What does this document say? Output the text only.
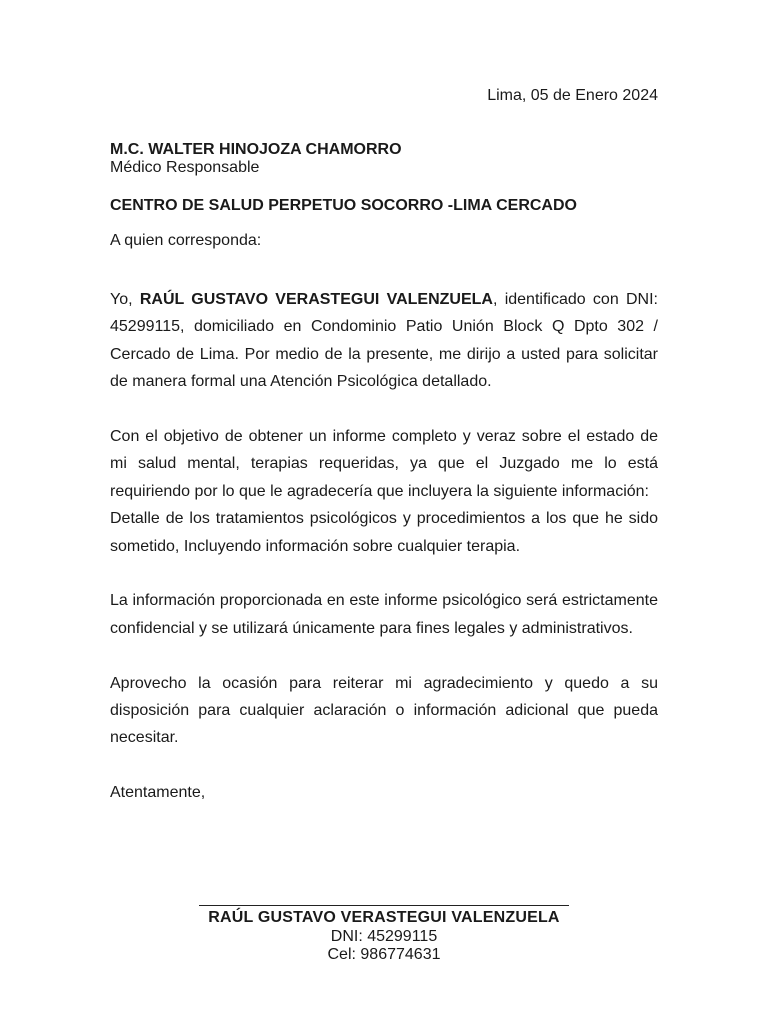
Lima, 05 de Enero 2024
M.C. WALTER HINOJOZA CHAMORRO
Médico Responsable
CENTRO DE SALUD PERPETUO SOCORRO -LIMA CERCADO
A quien corresponda:

Yo, RAÚL GUSTAVO VERASTEGUI VALENZUELA, identificado con DNI: 45299115, domiciliado en Condominio Patio Unión Block Q Dpto 302 / Cercado de Lima. Por medio de la presente, me dirijo a usted para solicitar de manera formal una Atención Psicológica detallado.

Con el objetivo de obtener un informe completo y veraz sobre el estado de mi salud mental, terapias requeridas, ya que el Juzgado me lo está requiriendo por lo que le agradecería que incluyera la siguiente información:

Detalle de los tratamientos psicológicos y procedimientos a los que he sido sometido, Incluyendo información sobre cualquier terapia.

La información proporcionada en este informe psicológico será estrictamente confidencial y se utilizará únicamente para fines legales y administrativos.

Aprovecho la ocasión para reiterar mi agradecimiento y quedo a su disposición para cualquier aclaración o información adicional que pueda necesitar.

Atentamente,
RAÚL GUSTAVO VERASTEGUI VALENZUELA
DNI: 45299115
Cel: 986774631
